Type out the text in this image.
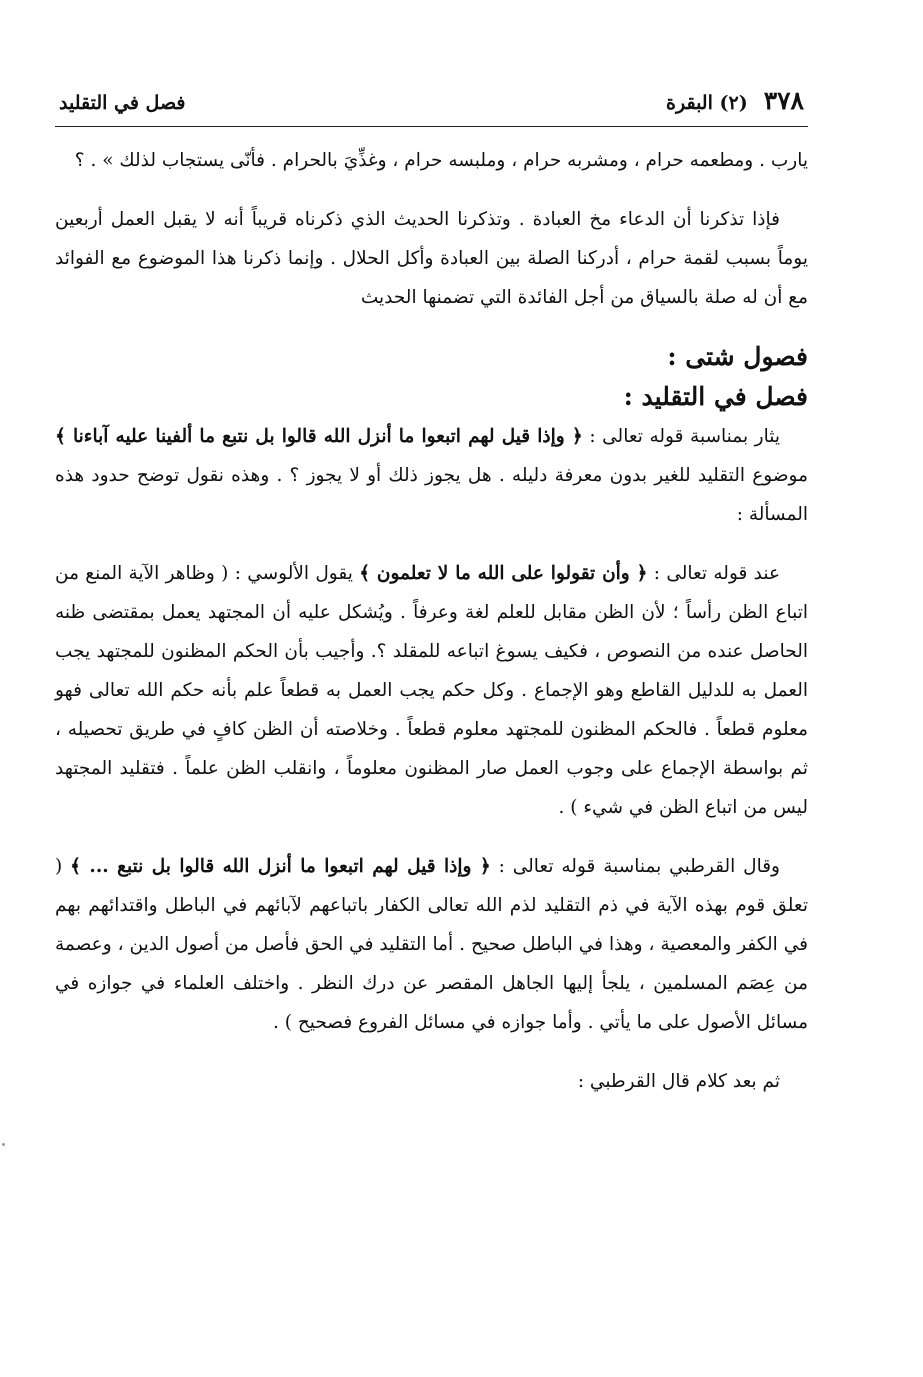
٣٧٨
(٢) البقرة
فصل في التقليد

يارب . ومطعمه حرام ، ومشربه حرام ، وملبسه حرام ، وغذِّيَ بالحرام . فأنّى يستجاب لذلك » . ؟

فإذا تذكرنا أن الدعاء مخ العبادة . وتذكرنا الحديث الذي ذكرناه قريباً أنه لا يقبل العمل أربعين يوماً بسبب لقمة حرام ، أدركنا الصلة بين العبادة وأكل الحلال . وإنما ذكرنا هذا الموضوع مع الفوائد مع أن له صلة بالسياق من أجل الفائدة التي تضمنها الحديث

فصول شتى :
فصل في التقليد :

يثار بمناسبة قوله تعالى : ﴿ وإذا قيل لهم اتبعوا ما أنزل الله قالوا بل نتبع ما ألفينا عليه آباءنا ﴾ موضوع التقليد للغير بدون معرفة دليله . هل يجوز ذلك أو لا يجوز ؟ . وهذه نقول توضح حدود هذه المسألة :

عند قوله تعالى : ﴿ وأن تقولوا على الله ما لا تعلمون ﴾ يقول الألوسي : ( وظاهر الآية المنع من اتباع الظن رأساً ؛ لأن الظن مقابل للعلم لغة وعرفاً . ويُشكل عليه أن المجتهد يعمل بمقتضى ظنه الحاصل عنده من النصوص ، فكيف يسوغ اتباعه للمقلد ؟. وأجيب بأن الحكم المظنون للمجتهد يجب العمل به للدليل القاطع وهو الإجماع . وكل حكم يجب العمل به قطعاً علم بأنه حكم الله تعالى فهو معلوم قطعاً . فالحكم المظنون للمجتهد معلوم قطعاً . وخلاصته أن الظن كافٍ في طريق تحصيله ، ثم بواسطة الإجماع على وجوب العمل صار المظنون معلوماً ، وانقلب الظن علماً . فتقليد المجتهد ليس من اتباع الظن في شيء ) .

وقال القرطبي بمناسبة قوله تعالى : ﴿ وإذا قيل لهم اتبعوا ما أنزل الله قالوا بل نتبع ... ﴾ ( تعلق قوم بهذه الآية في ذم التقليد لذم الله تعالى الكفار باتباعهم لآبائهم في الباطل واقتدائهم بهم في الكفر والمعصية ، وهذا في الباطل صحيح . أما التقليد في الحق فأصل من أصول الدين ، وعصمة من عِصَم المسلمين ، يلجأ إليها الجاهل المقصر عن درك النظر . واختلف العلماء في جوازه في مسائل الأصول على ما يأتي . وأما جوازه في مسائل الفروع فصحيح ) .

ثم بعد كلام قال القرطبي :
